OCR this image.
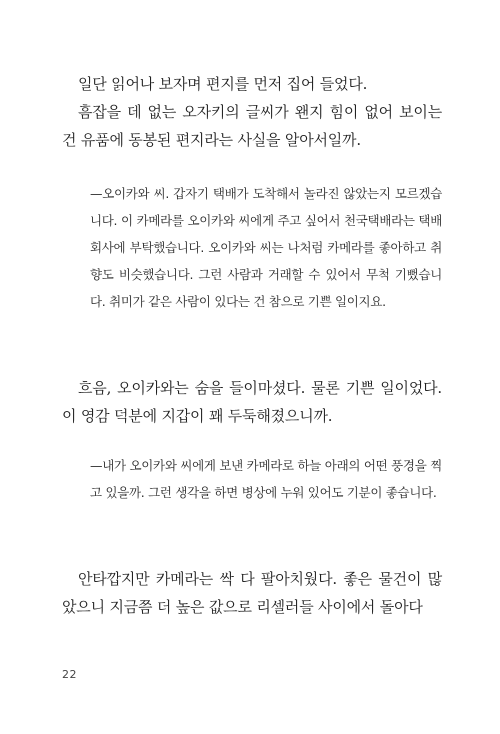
일단 읽어나 보자며 편지를 먼저 집어 들었다.

흠잡을 데 없는 오자키의 글씨가 왠지 힘이 없어 보이는 건 유품에 동봉된 편지라는 사실을 알아서일까.

—오이카와 씨. 갑자기 택배가 도착해서 놀라진 않았는지 모르겠습니다. 이 카메라를 오이카와 씨에게 주고 싶어서 천국택배라는 택배 회사에 부탁했습니다. 오이카와 씨는 나처럼 카메라를 좋아하고 취향도 비슷했습니다. 그런 사람과 거래할 수 있어서 무척 기뻤습니다. 취미가 같은 사람이 있다는 건 참으로 기쁜 일이지요.

흐음, 오이카와는 숨을 들이마셨다. 물론 기쁜 일이었다. 이 영감 덕분에 지갑이 꽤 두둑해졌으니까.

—내가 오이카와 씨에게 보낸 카메라로 하늘 아래의 어떤 풍경을 찍고 있을까. 그런 생각을 하면 병상에 누워 있어도 기분이 좋습니다.

안타깝지만 카메라는 싹 다 팔아치웠다. 좋은 물건이 많았으니 지금쯤 더 높은 값으로 리셀러들 사이에서 돌아다

22
